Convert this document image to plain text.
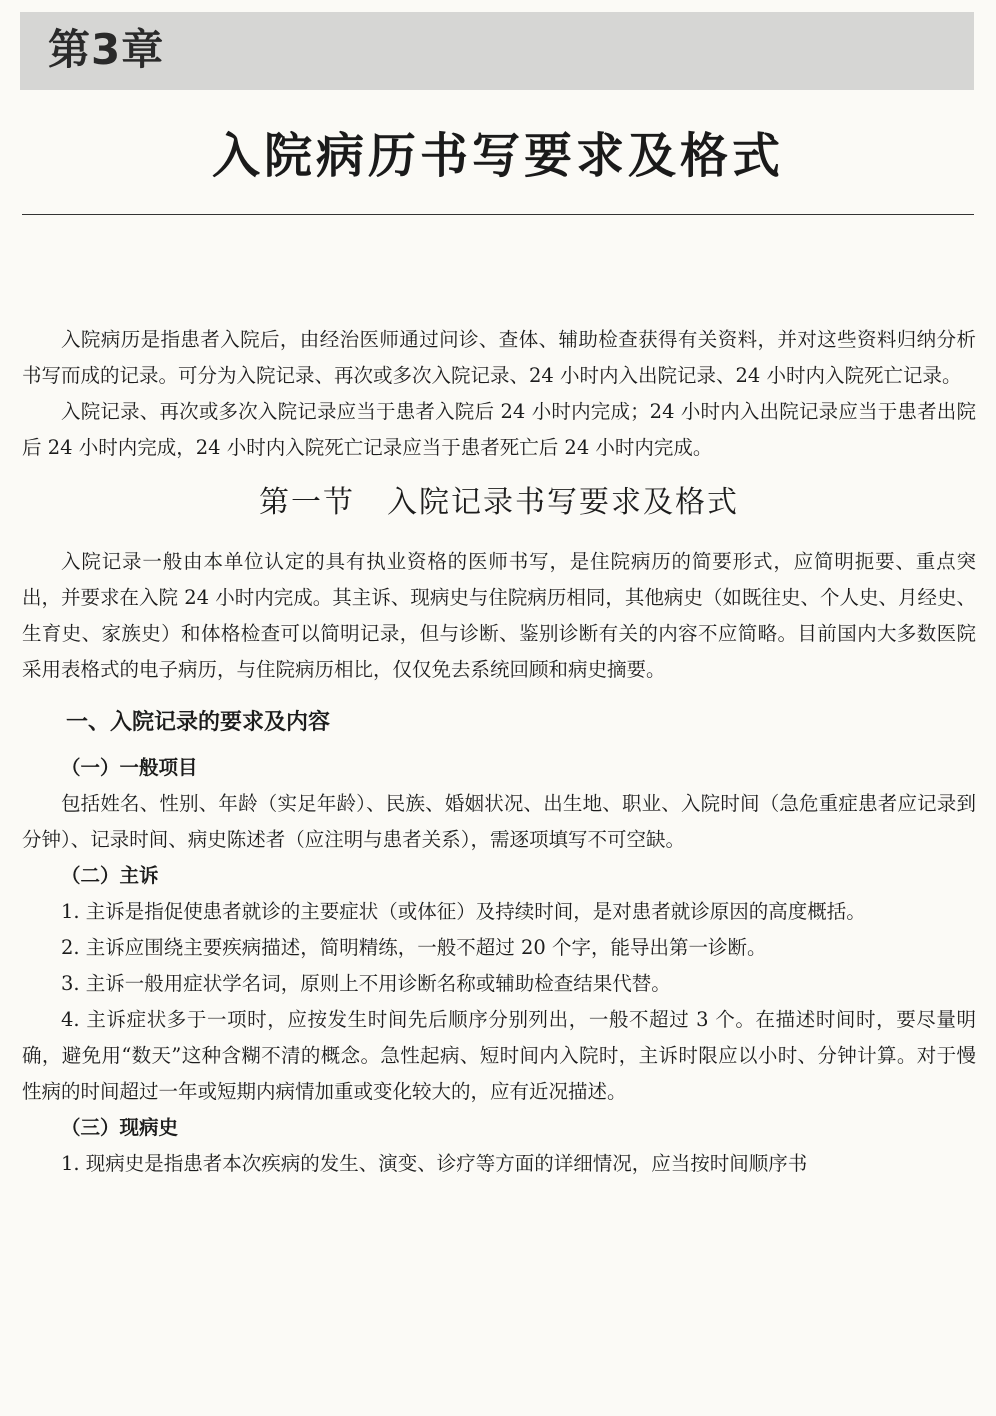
第3章
入院病历书写要求及格式

入院病历是指患者入院后，由经治医师通过问诊、查体、辅助检查获得有关资料，并对这些资料归纳分析书写而成的记录。可分为入院记录、再次或多次入院记录、24 小时内入出院记录、24 小时内入院死亡记录。

入院记录、再次或多次入院记录应当于患者入院后 24 小时内完成；24 小时内入出院记录应当于患者出院后 24 小时内完成，24 小时内入院死亡记录应当于患者死亡后 24 小时内完成。

第一节　入院记录书写要求及格式

入院记录一般由本单位认定的具有执业资格的医师书写，是住院病历的简要形式，应简明扼要、重点突出，并要求在入院 24 小时内完成。其主诉、现病史与住院病历相同，其他病史（如既往史、个人史、月经史、生育史、家族史）和体格检查可以简明记录，但与诊断、鉴别诊断有关的内容不应简略。目前国内大多数医院采用表格式的电子病历，与住院病历相比，仅仅免去系统回顾和病史摘要。

一、入院记录的要求及内容
（一）一般项目

包括姓名、性别、年龄（实足年龄）、民族、婚姻状况、出生地、职业、入院时间（急危重症患者应记录到分钟）、记录时间、病史陈述者（应注明与患者关系），需逐项填写不可空缺。

（二）主诉

1. 主诉是指促使患者就诊的主要症状（或体征）及持续时间，是对患者就诊原因的高度概括。

2. 主诉应围绕主要疾病描述，简明精练，一般不超过 20 个字，能导出第一诊断。

3. 主诉一般用症状学名词，原则上不用诊断名称或辅助检查结果代替。

4. 主诉症状多于一项时，应按发生时间先后顺序分别列出，一般不超过 3 个。在描述时间时，要尽量明确，避免用“数天”这种含糊不清的概念。急性起病、短时间内入院时，主诉时限应以小时、分钟计算。对于慢性病的时间超过一年或短期内病情加重或变化较大的，应有近况描述。

（三）现病史

1. 现病史是指患者本次疾病的发生、演变、诊疗等方面的详细情况，应当按时间顺序书
